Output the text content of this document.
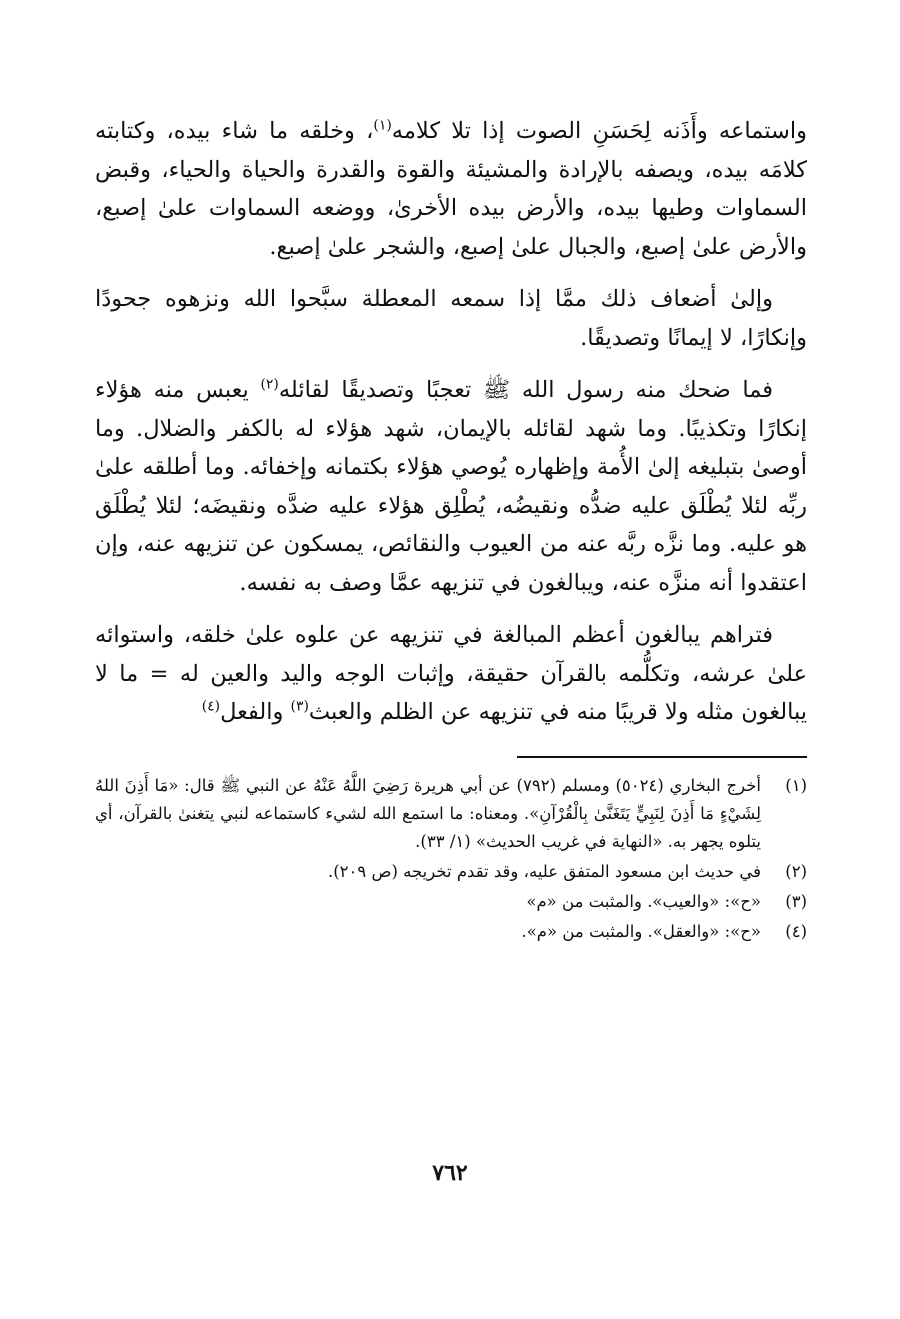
واستماعه وأَذَنه لِحَسَنِ الصوت إذا تلا كلامه$^{(١)}$، وخلقه ما شاء بيده، وكتابته كلامَه بيده، ويصفه بالإرادة والمشيئة والقوة والقدرة والحياة والحياء، وقبض السماوات وطيها بيده، والأرض بيده الأخرىٰ، ووضعه السماوات علىٰ إصبع، والأرض علىٰ إصبع، والجبال علىٰ إصبع، والشجر علىٰ إصبع.

وإلىٰ أضعاف ذلك ممَّا إذا سمعه المعطلة سبَّحوا الله ونزهوه جحودًا وإنكارًا، لا إيمانًا وتصديقًا.

فما ضحك منه رسول الله ﷺ تعجبًا وتصديقًا لقائله$^{(٢)}$ يعبس منه هؤلاء إنكارًا وتكذيبًا. وما شهد لقائله بالإيمان، شهد هؤلاء له بالكفر والضلال. وما أوصىٰ بتبليغه إلىٰ الأُمة وإظهاره يُوصي هؤلاء بكتمانه وإخفائه. وما أطلقه علىٰ ربِّه لئلا يُطْلَق عليه ضدُّه ونقيضُه، يُطْلِق هؤلاء عليه ضدَّه ونقيضَه؛ لئلا يُطْلَق هو عليه. وما نزَّه ربَّه عنه من العيوب والنقائص، يمسكون عن تنزيهه عنه، وإن اعتقدوا أنه منزَّه عنه، ويبالغون في تنزيهه عمَّا وصف به نفسه.

فتراهم يبالغون أعظم المبالغة في تنزيهه عن علوه علىٰ خلقه، واستوائه علىٰ عرشه، وتكلُّمه بالقرآن حقيقة، وإثبات الوجه واليد والعين له = ما لا يبالغون مثله ولا قريبًا منه في تنزيهه عن الظلم والعبث$^{(٣)}$ والفعل$^{(٤)}$

(١)
أخرج البخاري (٥٠٢٤) ومسلم (٧٩٢) عن أبي هريرة رَضِيَ اللَّهُ عَنْهُ عن النبي ﷺ قال: «مَا أَذِنَ اللهُ لِشَيْءٍ مَا أَذِنَ لِنَبِيٍّ يَتَغَنَّىٰ بِالْقُرْآنِ». ومعناه: ما استمع الله لشيء كاستماعه لنبي يتغنىٰ بالقرآن، أي يتلوه يجهر به. «النهاية في غريب الحديث» (١/ ٣٣).
(٢)
في حديث ابن مسعود المتفق عليه، وقد تقدم تخريجه (ص ٢٠٩).
(٣)
«ح»: «والعيب». والمثبت من «م»
(٤)
«ح»: «والعقل». والمثبت من «م».
٧٦٢
